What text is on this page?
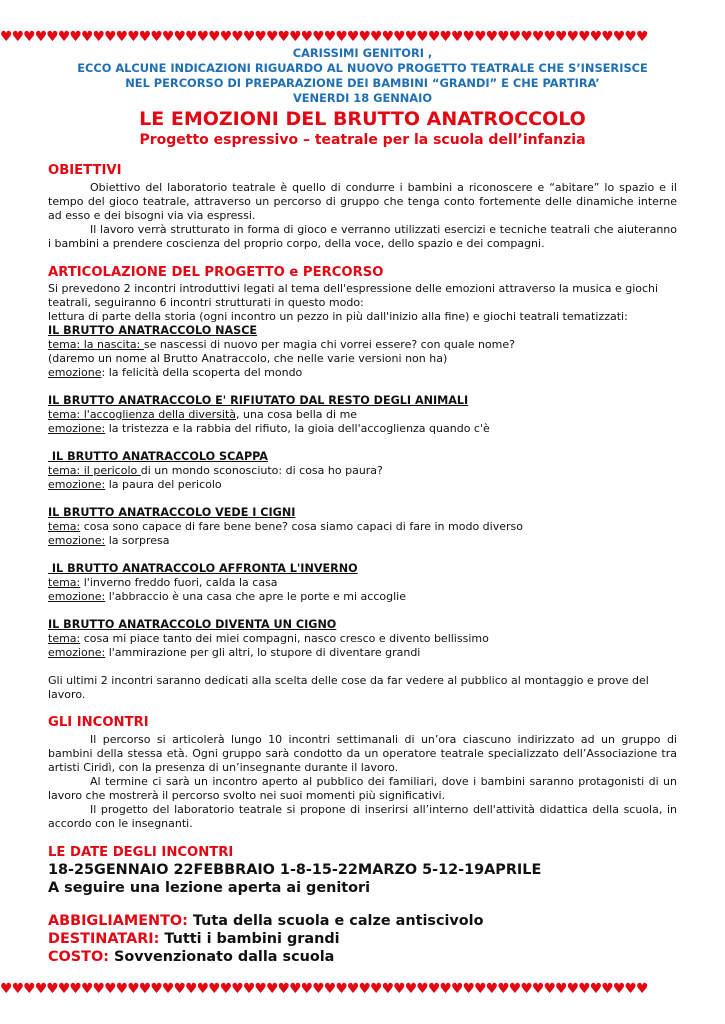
♥♥♥♥♥♥♥♥♥♥♥♥♥♥♥♥♥♥♥♥♥♥♥♥♥♥♥♥♥♥♥♥♥♥♥♥♥♥♥♥♥♥♥♥♥♥♥♥♥♥♥♥♥♥♥♥
♥♥♥♥♥♥♥♥♥♥♥♥♥♥♥♥♥♥♥♥♥♥♥♥♥♥♥♥♥♥♥♥♥♥♥♥♥♥♥♥♥♥♥♥♥♥♥♥♥♥♥♥♥♥♥♥
CARISSIMI GENITORI ,
ECCO ALCUNE INDICAZIONI RIGUARDO AL NUOVO PROGETTO TEATRALE CHE S’INSERISCE
NEL PERCORSO DI PREPARAZIONE DEI BAMBINI “GRANDI” E CHE PARTIRA’
VENERDI 18 GENNAIO
LE EMOZIONI DEL BRUTTO ANATROCCOLO
Progetto espressivo – teatrale per la scuola dell’infanzia
OBIETTIVI

Obiettivo del laboratorio teatrale è quello di condurre i bambini a riconoscere e “abitare” lo spazio e il tempo del gioco teatrale, attraverso un percorso di gruppo che tenga conto fortemente delle dinamiche interne ad esso e dei bisogni via via espressi.

Il lavoro verrà strutturato in forma di gioco e verranno utilizzati esercizi e tecniche teatrali che aiuteranno i bambini a prendere coscienza del proprio corpo, della voce, dello spazio e dei compagni.

ARTICOLAZIONE DEL PROGETTO e PERCORSO

Si prevedono 2 incontri introduttivi legati al tema dell'espressione delle emozioni attraverso la musica e giochi teatrali, seguiranno 6 incontri strutturati in questo modo:

lettura di parte della storia (ogni incontro un pezzo in più dall'inizio alla fine) e giochi teatrali tematizzati:

IL BRUTTO ANATRACCOLO NASCE

tema: la nascita: se nascessi di nuovo per magia chi vorrei essere? con quale nome?

(daremo un nome al Brutto Anatraccolo, che nelle varie versioni non ha)

emozione: la felicità della scoperta del mondo

IL BRUTTO ANATRACCOLO E' RIFIUTATO DAL RESTO DEGLI ANIMALI

tema: l'accoglienza della diversità, una cosa bella di me

emozione: la tristezza e la rabbia del rifiuto, la gioia dell'accoglienza quando c'è

IL BRUTTO ANATRACCOLO SCAPPA

tema: il pericolo di un mondo sconosciuto: di cosa ho paura?

emozione: la paura del pericolo

IL BRUTTO ANATRACCOLO VEDE I CIGNI

tema: cosa sono capace di fare bene bene? cosa siamo capaci di fare in modo diverso

emozione: la sorpresa

IL BRUTTO ANATRACCOLO AFFRONTA L'INVERNO

tema: l'inverno freddo fuori, calda la casa

emozione: l'abbraccio è una casa che apre le porte e mi accoglie

IL BRUTTO ANATRACCOLO DIVENTA UN CIGNO

tema: cosa mi piace tanto dei miei compagni, nasco cresco e divento bellissimo

emozione: l'ammirazione per gli altri, lo stupore di diventare grandi

Gli ultimi 2 incontri saranno dedicati alla scelta delle cose da far vedere al pubblico al montaggio e prove del lavoro.

GLI INCONTRI

Il percorso si articolerà lungo 10 incontri settimanali di un’ora ciascuno indirizzato ad un gruppo di bambini della stessa età. Ogni gruppo sarà condotto da un operatore teatrale specializzato dell’Associazione tra artisti Ciridì, con la presenza di un’insegnante durante il lavoro.

Al termine ci sarà un incontro aperto al pubblico dei familiari, dove i bambini saranno protagonisti di un lavoro che mostrerà il percorso svolto nei suoi momenti più significativi.

Il progetto del laboratorio teatrale si propone di inserirsi all’interno dell'attività didattica della scuola, in accordo con le insegnanti.

LE DATE DEGLI INCONTRI
18-25GENNAIO 22FEBBRAIO 1-8-15-22MARZO 5-12-19APRILE
A seguire una lezione aperta ai genitori
ABBIGLIAMENTO: Tuta della scuola e calze antiscivolo
DESTINATARI: Tutti i bambini grandi
COSTO: Sovvenzionato dalla scuola
